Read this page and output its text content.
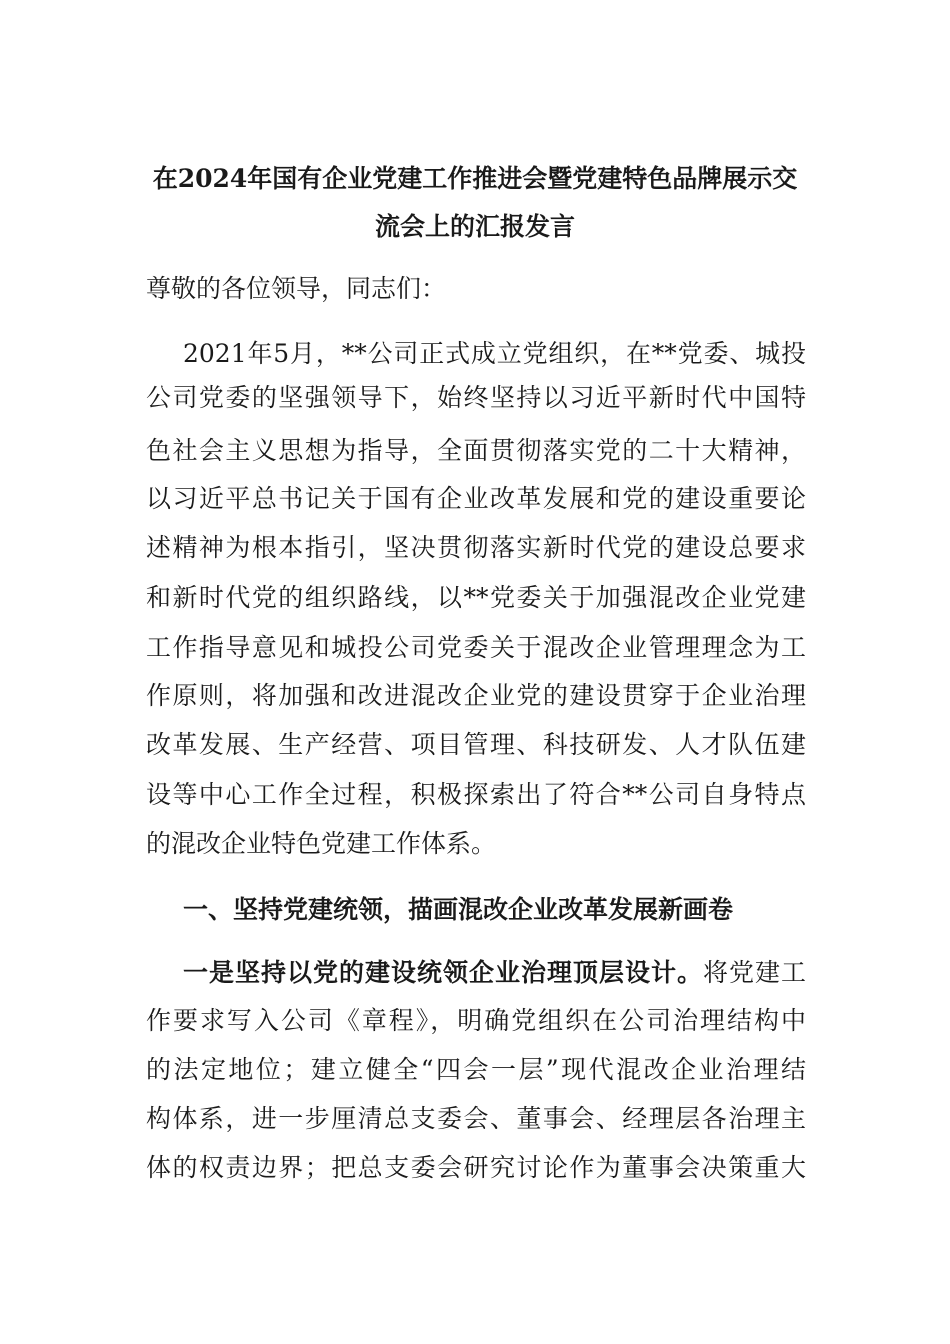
在2024年国有企业党建工作推进会暨党建特色品牌展示交
流会上的汇报发言
尊敬的各位领导，同志们：
2021年5月，**公司正式成立党组织，在**党委、城投
公司党委的坚强领导下，始终坚持以习近平新时代中国特
色社会主义思想为指导，全面贯彻落实党的二十大精神，
以习近平总书记关于国有企业改革发展和党的建设重要论
述精神为根本指引，坚决贯彻落实新时代党的建设总要求
和新时代党的组织路线，以**党委关于加强混改企业党建
工作指导意见和城投公司党委关于混改企业管理理念为工
作原则，将加强和改进混改企业党的建设贯穿于企业治理
改革发展、生产经营、项目管理、科技研发、人才队伍建
设等中心工作全过程，积极探索出了符合**公司自身特点
的混改企业特色党建工作体系。
一、坚持党建统领，描画混改企业改革发展新画卷
一是坚持以党的建设统领企业治理顶层设计。将党建工
作要求写入公司《章程》，明确党组织在公司治理结构中
的法定地位；建立健全“四会一层”现代混改企业治理结
构体系，进一步厘清总支委会、董事会、经理层各治理主
体的权责边界；把总支委会研究讨论作为董事会决策重大
